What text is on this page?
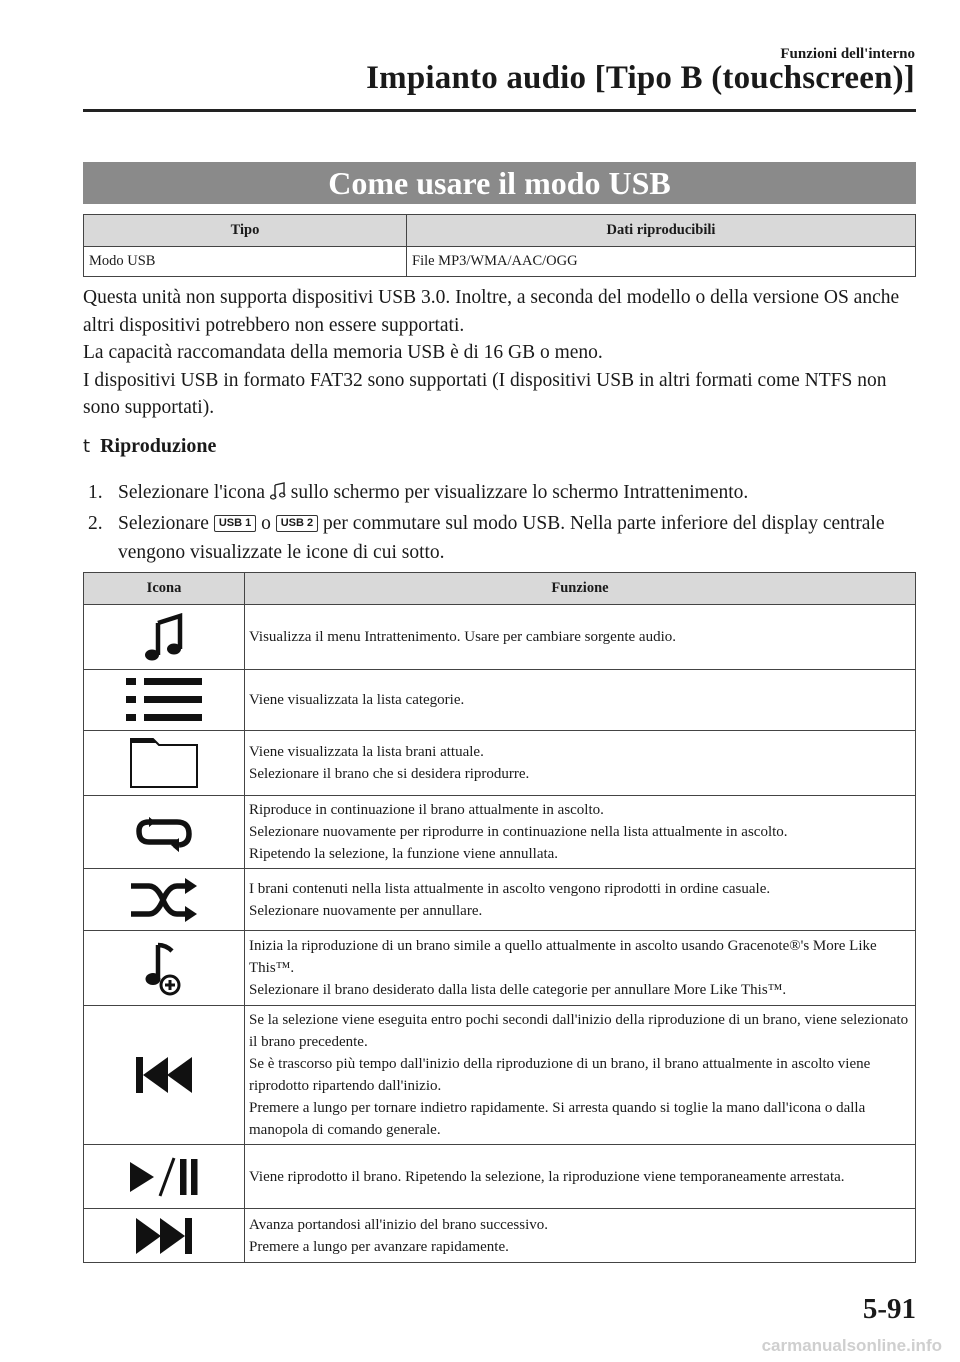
Funzioni dell'interno
Impianto audio [Tipo B (touchscreen)]
Come usare il modo USB
Tipo	Dati riproducibili
Modo USB	File MP3/WMA/AAC/OGG

Questa unità non supporta dispositivi USB 3.0. Inoltre, a seconda del modello o della versione OS anche altri dispositivi potrebbero non essere supportati.

La capacità raccomandata della memoria USB è di 16 GB o meno.

I dispositivi USB in formato FAT32 sono supportati (I dispositivi USB in altri formati come NTFS non sono supportati).

t Riproduzione
1. Selezionare l'icona sullo schermo per visualizzare lo schermo Intrattenimento.
2. Selezionare USB 1 o USB 2 per commutare sul modo USB. Nella parte inferiore del display centrale vengono visualizzate le icone di cui sotto.
Icona	Funzione

Visualizza il menu Intrattenimento. Usare per cambiare sorgente audio.

Viene visualizzata la lista categorie.

Viene visualizzata la lista brani attuale.
Selezionare il brano che si desidera riprodurre.

Riproduce in continuazione il brano attualmente in ascolto.
Selezionare nuovamente per riprodurre in continuazione nella lista attualmente in ascolto.
Ripetendo la selezione, la funzione viene annullata.

I brani contenuti nella lista attualmente in ascolto vengono riprodotti in ordine casuale.
Selezionare nuovamente per annullare.

Inizia la riproduzione di un brano simile a quello attualmente in ascolto usando Gracenote®'s More Like This™.
Selezionare il brano desiderato dalla lista delle categorie per annullare More Like This™.

Se la selezione viene eseguita entro pochi secondi dall'inizio della riproduzione di un brano, viene selezionato il brano precedente.
Se è trascorso più tempo dall'inizio della riproduzione di un brano, il brano attualmente in ascolto viene riprodotto ripartendo dall'inizio.
Premere a lungo per tornare indietro rapidamente. Si arresta quando si toglie la mano dall'icona o dalla manopola di comando generale.

Viene riprodotto il brano. Ripetendo la selezione, la riproduzione viene temporaneamente arrestata.

Avanza portandosi all'inizio del brano successivo.
Premere a lungo per avanzare rapidamente.
5-91
carmanualsonline.info
